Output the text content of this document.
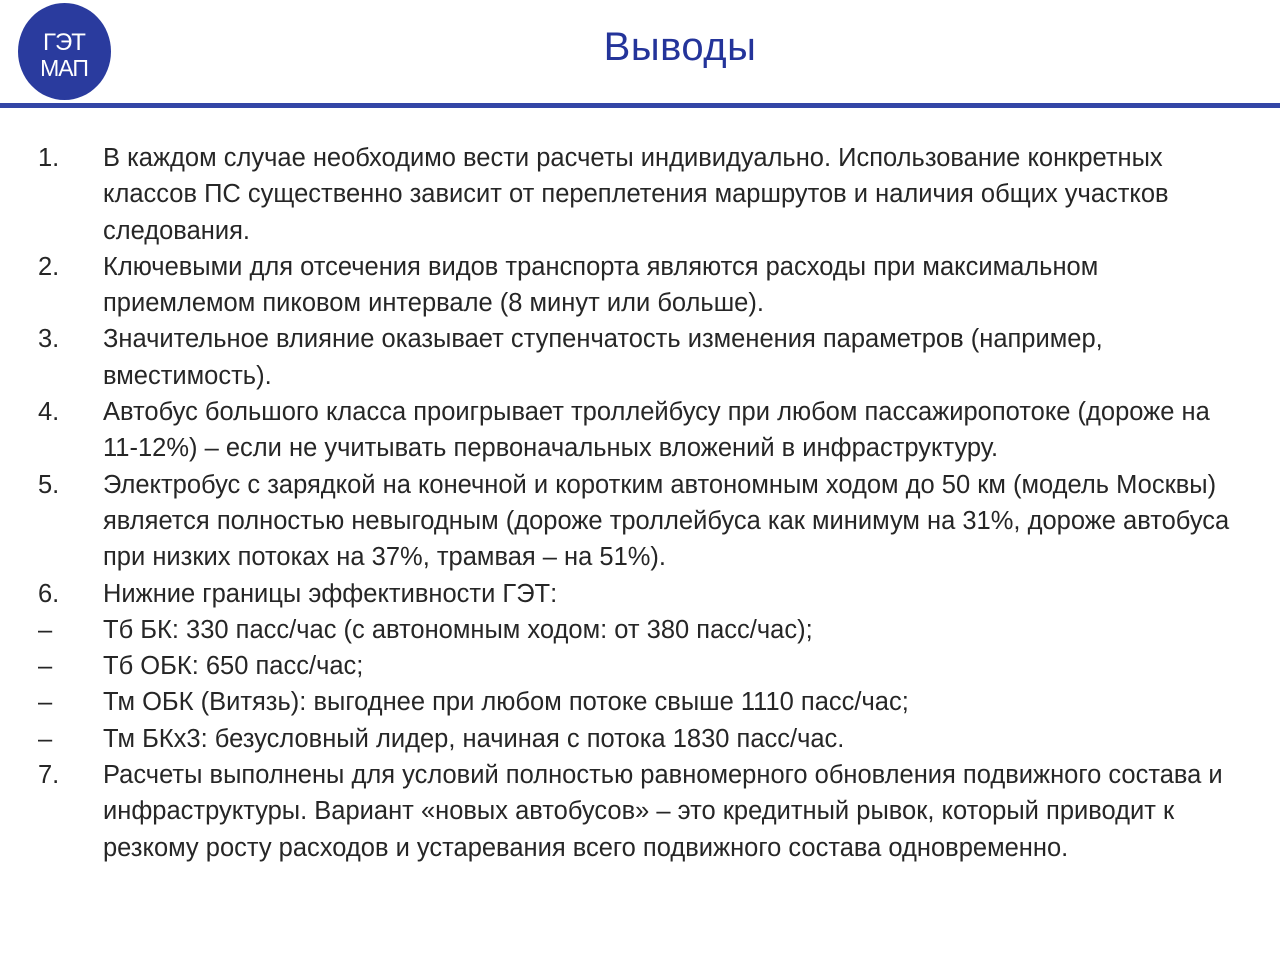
ГЭТ
МАП	Выводы
1. В каждом случае необходимо вести расчеты индивидуально. Использование конкретных классов ПС существенно зависит от переплетения маршрутов и наличия общих участков следования.
2. Ключевыми для отсечения видов транспорта являются расходы при максимальном приемлемом пиковом интервале (8 минут или больше).
3. Значительное влияние оказывает ступенчатость изменения параметров (например, вместимость).
4. Автобус большого класса проигрывает троллейбусу при любом пассажиропотоке (дороже на 11-12%) – если не учитывать первоначальных вложений в инфраструктуру.
5. Электробус с зарядкой на конечной и коротким автономным ходом до 50 км (модель Москвы) является полностью невыгодным (дороже троллейбуса как минимум на 31%, дороже автобуса при низких потоках на 37%, трамвая – на 51%).
6. Нижние границы эффективности ГЭТ:
– Тб БК: 330 пасс/час (с автономным ходом: от 380 пасс/час);
– Тб ОБК: 650 пасс/час;
– Тм ОБК (Витязь): выгоднее при любом потоке свыше 1110 пасс/час;
– Тм БКх3: безусловный лидер, начиная с потока 1830 пасс/час.
7. Расчеты выполнены для условий полностью равномерного обновления подвижного состава и инфраструктуры. Вариант «новых автобусов» – это кредитный рывок, который приводит к резкому росту расходов и устаревания всего подвижного состава одновременно.
